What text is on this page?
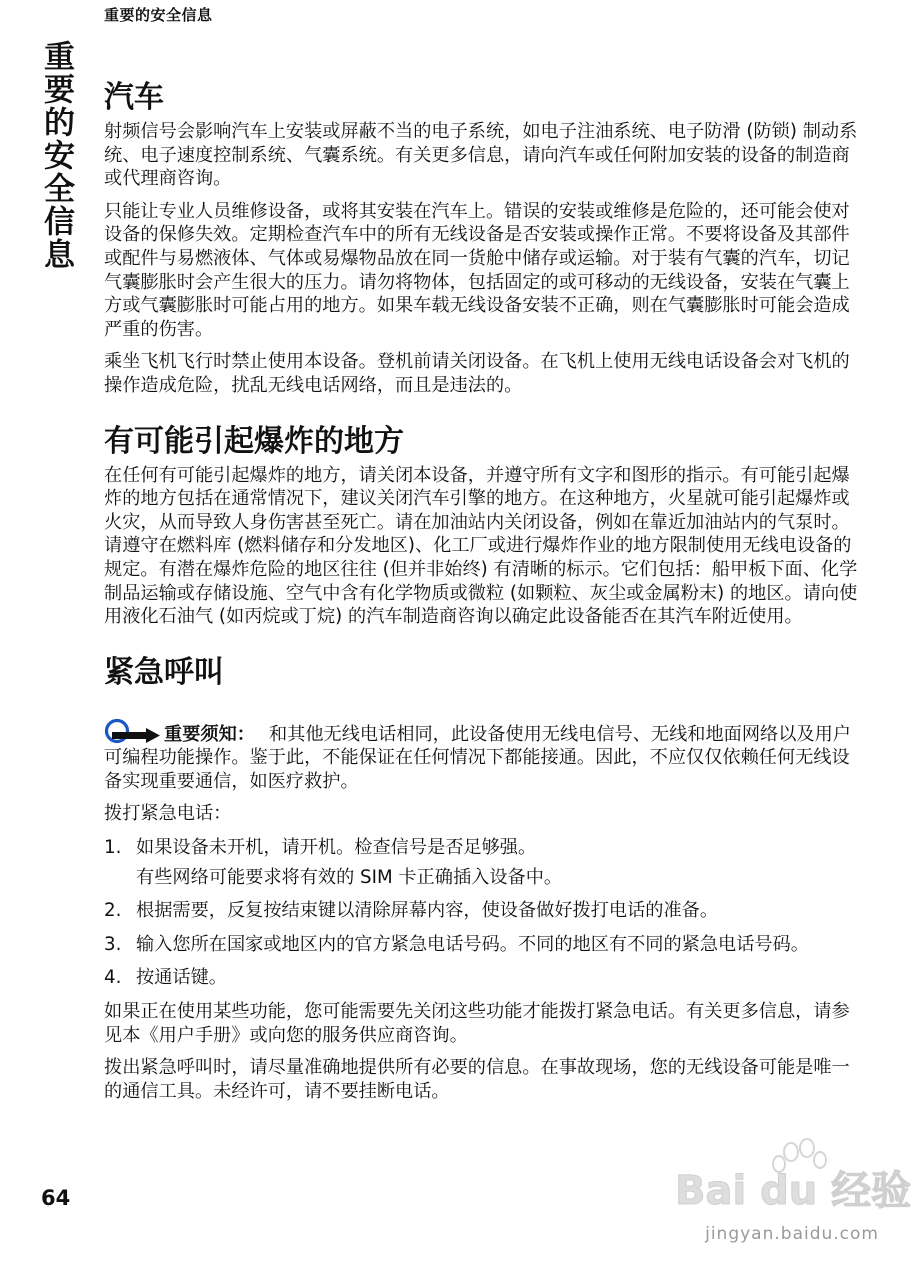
重要的安全信息
重要的安全信息 汽车

射频信号会影响汽车上安装或屏蔽不当的电子系统，如电子注油系统、电子防滑 (防锁) 制动系统、电子速度控制系统、气囊系统。有关更多信息，请向汽车或任何附加安装的设备的制造商或代理商咨询。

只能让专业人员维修设备，或将其安装在汽车上。错误的安装或维修是危险的，还可能会使对设备的保修失效。定期检查汽车中的所有无线设备是否安装或操作正常。不要将设备及其部件或配件与易燃液体、气体或易爆物品放在同一货舱中储存或运输。对于装有气囊的汽车，切记气囊膨胀时会产生很大的压力。请勿将物体，包括固定的或可移动的无线设备，安装在气囊上方或气囊膨胀时可能占用的地方。如果车载无线设备安装不正确，则在气囊膨胀时可能会造成严重的伤害。

乘坐飞机飞行时禁止使用本设备。登机前请关闭设备。在飞机上使用无线电话设备会对飞机的操作造成危险，扰乱无线电话网络，而且是违法的。

有可能引起爆炸的地方

在任何有可能引起爆炸的地方，请关闭本设备，并遵守所有文字和图形的指示。有可能引起爆炸的地方包括在通常情况下，建议关闭汽车引擎的地方。在这种地方，火星就可能引起爆炸或火灾，从而导致人身伤害甚至死亡。请在加油站内关闭设备，例如在靠近加油站内的气泵时。请遵守在燃料库 (燃料储存和分发地区)、化工厂或进行爆炸作业的地方限制使用无线电设备的规定。有潜在爆炸危险的地区往往 (但并非始终) 有清晰的标示。它们包括：船甲板下面、化学制品运输或存储设施、空气中含有化学物质或微粒 (如颗粒、灰尘或金属粉末) 的地区。请向使用液化石油气 (如丙烷或丁烷) 的汽车制造商咨询以确定此设备能否在其汽车附近使用。

紧急呼叫

重要须知： 和其他无线电话相同，此设备使用无线电信号、无线和地面网络以及用户可编程功能操作。鉴于此，不能保证在任何情况下都能接通。因此，不应仅仅依赖任何无线设备实现重要通信，如医疗救护。

拨打紧急电话：

1. 如果设备未开机，请开机。检查信号是否足够强。

有些网络可能要求将有效的 SIM 卡正确插入设备中。

2. 根据需要，反复按结束键以清除屏幕内容，使设备做好拨打电话的准备。
3. 输入您所在国家或地区内的官方紧急电话号码。不同的地区有不同的紧急电话号码。
4. 按通话键。

如果正在使用某些功能，您可能需要先关闭这些功能才能拨打紧急电话。有关更多信息，请参见本《用户手册》或向您的服务供应商咨询。

拨出紧急呼叫时，请尽量准确地提供所有必要的信息。在事故现场，您的无线设备可能是唯一的通信工具。未经许可，请不要挂断电话。

64	Bai du 经验
jingyan.baidu.com
